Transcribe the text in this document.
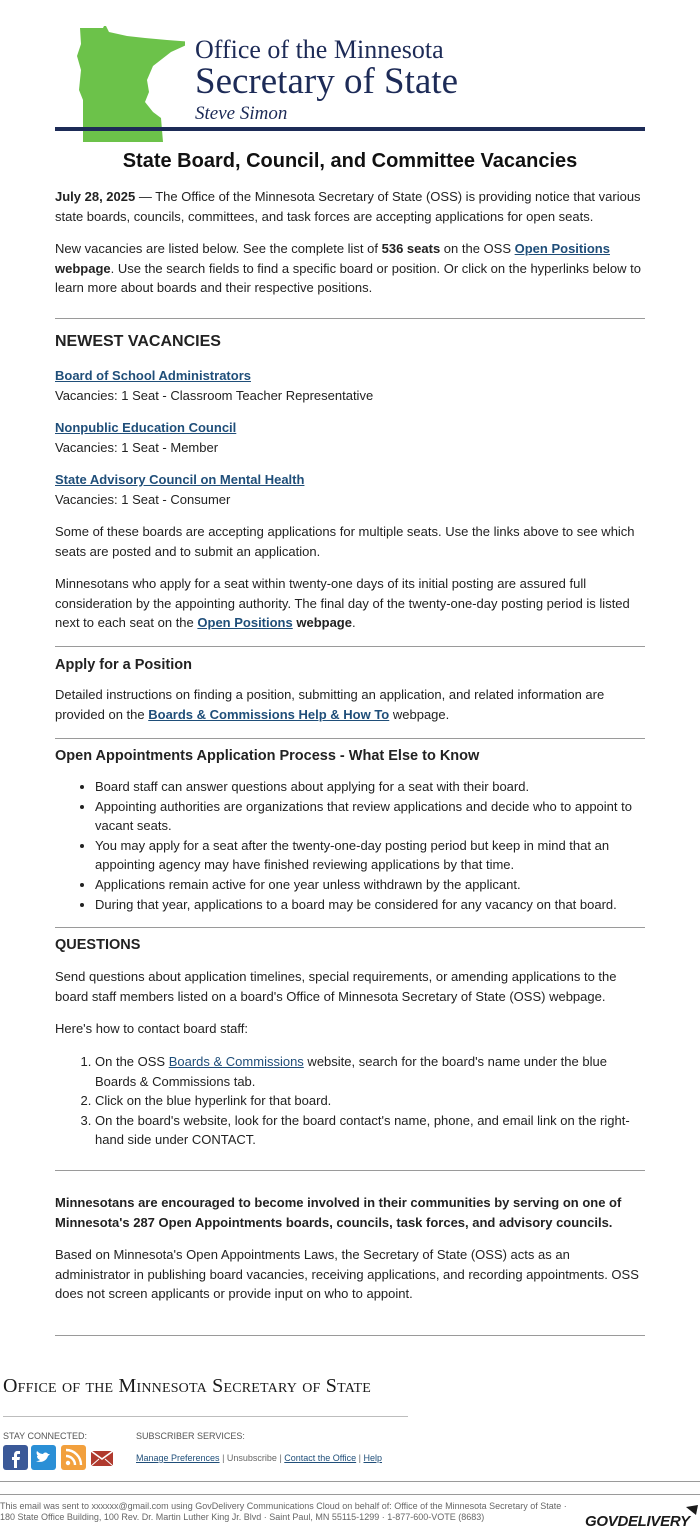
Office of the Minnesota
Secretary of State
Steve Simon
State Board, Council, and Committee Vacancies

July 28, 2025 — The Office of the Minnesota Secretary of State (OSS) is providing notice that various state boards, councils, committees, and task forces are accepting applications for open seats.

New vacancies are listed below. See the complete list of 536 seats on the OSS Open Positions webpage. Use the search fields to find a specific board or position. Or click on the hyperlinks below to learn more about boards and their respective positions.

NEWEST VACANCIES

Board of School Administrators

Vacancies: 1 Seat - Classroom Teacher Representative

Nonpublic Education Council

Vacancies: 1 Seat - Member

State Advisory Council on Mental Health

Vacancies: 1 Seat - Consumer

Some of these boards are accepting applications for multiple seats. Use the links above to see which seats are posted and to submit an application.

Minnesotans who apply for a seat within twenty-one days of its initial posting are assured full consideration by the appointing authority. The final day of the twenty-one-day posting period is listed next to each seat on the Open Positions webpage.

Apply for a Position

Detailed instructions on finding a position, submitting an application, and related information are provided on the Boards & Commissions Help & How To webpage.

Open Appointments Application Process - What Else to Know
• Board staff can answer questions about applying for a seat with their board.
• Appointing authorities are organizations that review applications and decide who to appoint to vacant seats.
• You may apply for a seat after the twenty-one-day posting period but keep in mind that an appointing agency may have finished reviewing applications by that time.
• Applications remain active for one year unless withdrawn by the applicant.
• During that year, applications to a board may be considered for any vacancy on that board.
QUESTIONS

Send questions about application timelines, special requirements, or amending applications to the board staff members listed on a board's Office of Minnesota Secretary of State (OSS) webpage.

Here's how to contact board staff:

1. On the OSS Boards & Commissions website, search for the board's name under the blue Boards & Commissions tab.
2. Click on the blue hyperlink for that board.
3. On the board's website, look for the board contact's name, phone, and email link on the right-hand side under CONTACT.

Minnesotans are encouraged to become involved in their communities by serving on one of Minnesota's 287 Open Appointments boards, councils, task forces, and advisory councils.

Based on Minnesota's Open Appointments Laws, the Secretary of State (OSS) acts as an administrator in publishing board vacancies, receiving applications, and recording appointments. OSS does not screen applicants or provide input on who to appoint.

Office of the Minnesota Secretary of State
STAY CONNECTED:	SUBSCRIBER SERVICES:
Manage Preferences | Unsubscribe | Contact the Office | Help
This email was sent to xxxxxx@gmail.com using GovDelivery Communications Cloud on behalf of: Office of the Minnesota Secretary of State · 180 State Office Building, 100 Rev. Dr. Martin Luther King Jr. Blvd · Saint Paul, MN 55115-1299 · 1-877-600-VOTE (8683)	GOVDELIVERY
